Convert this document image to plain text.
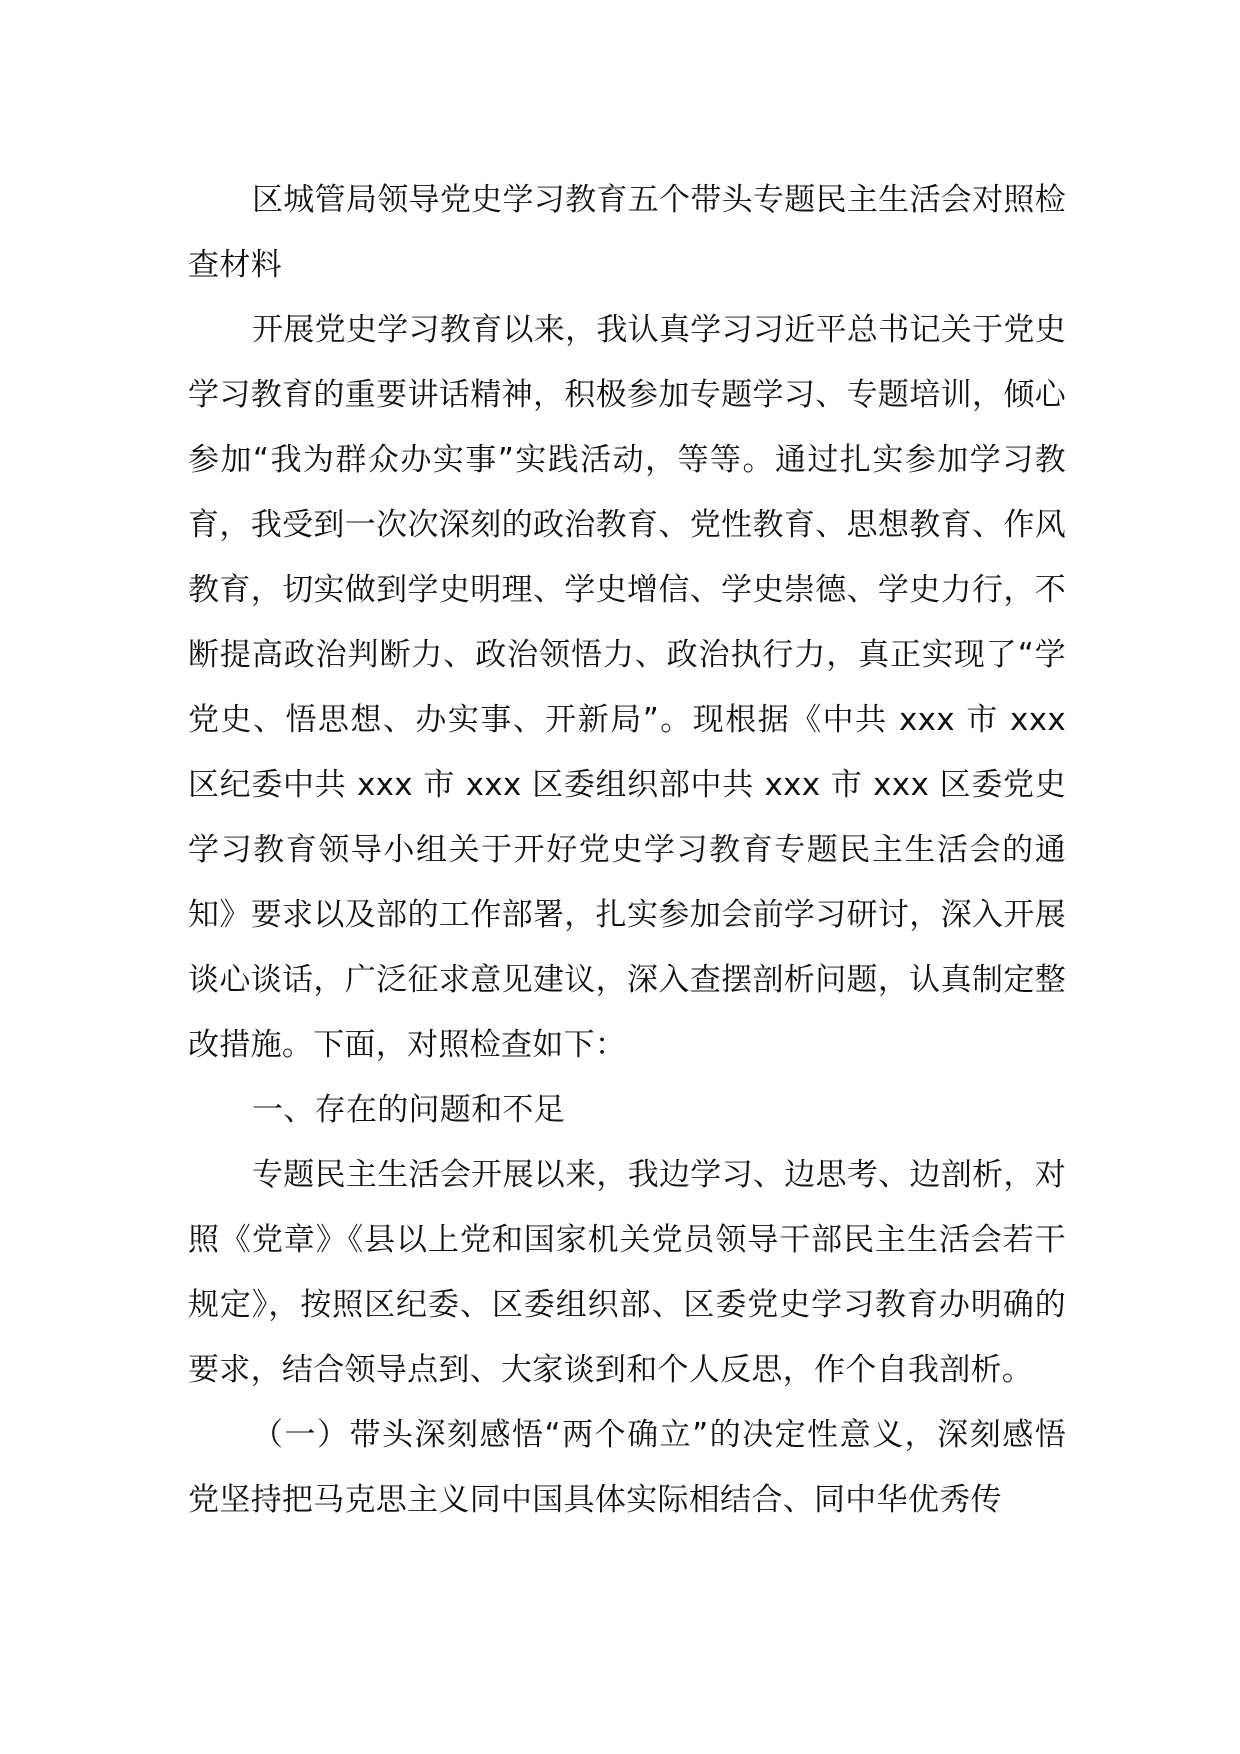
区城管局领导党史学习教育五个带头专题民主生活会对照检查材料

开展党史学习教育以来，我认真学习习近平总书记关于党史学习教育的重要讲话精神，积极参加专题学习、专题培训，倾心参加“我为群众办实事”实践活动，等等。通过扎实参加学习教育，我受到一次次深刻的政治教育、党性教育、思想教育、作风教育，切实做到学史明理、学史增信、学史崇德、学史力行，不断提高政治判断力、政治领悟力、政治执行力，真正实现了“学党史、悟思想、办实事、开新局”。现根据《中共 xxx 市 xxx 区纪委中共 xxx 市 xxx 区委组织部中共 xxx 市 xxx 区委党史学习教育领导小组关于开好党史学习教育专题民主生活会的通知》要求以及部的工作部署，扎实参加会前学习研讨，深入开展谈心谈话，广泛征求意见建议，深入查摆剖析问题，认真制定整改措施。下面，对照检查如下：

一、存在的问题和不足

专题民主生活会开展以来，我边学习、边思考、边剖析，对照《党章》《县以上党和国家机关党员领导干部民主生活会若干规定》，按照区纪委、区委组织部、区委党史学习教育办明确的要求，结合领导点到、大家谈到和个人反思，作个自我剖析。

（一）带头深刻感悟“两个确立”的决定性意义，深刻感悟党坚持把马克思主义同中国具体实际相结合、同中华优秀传
